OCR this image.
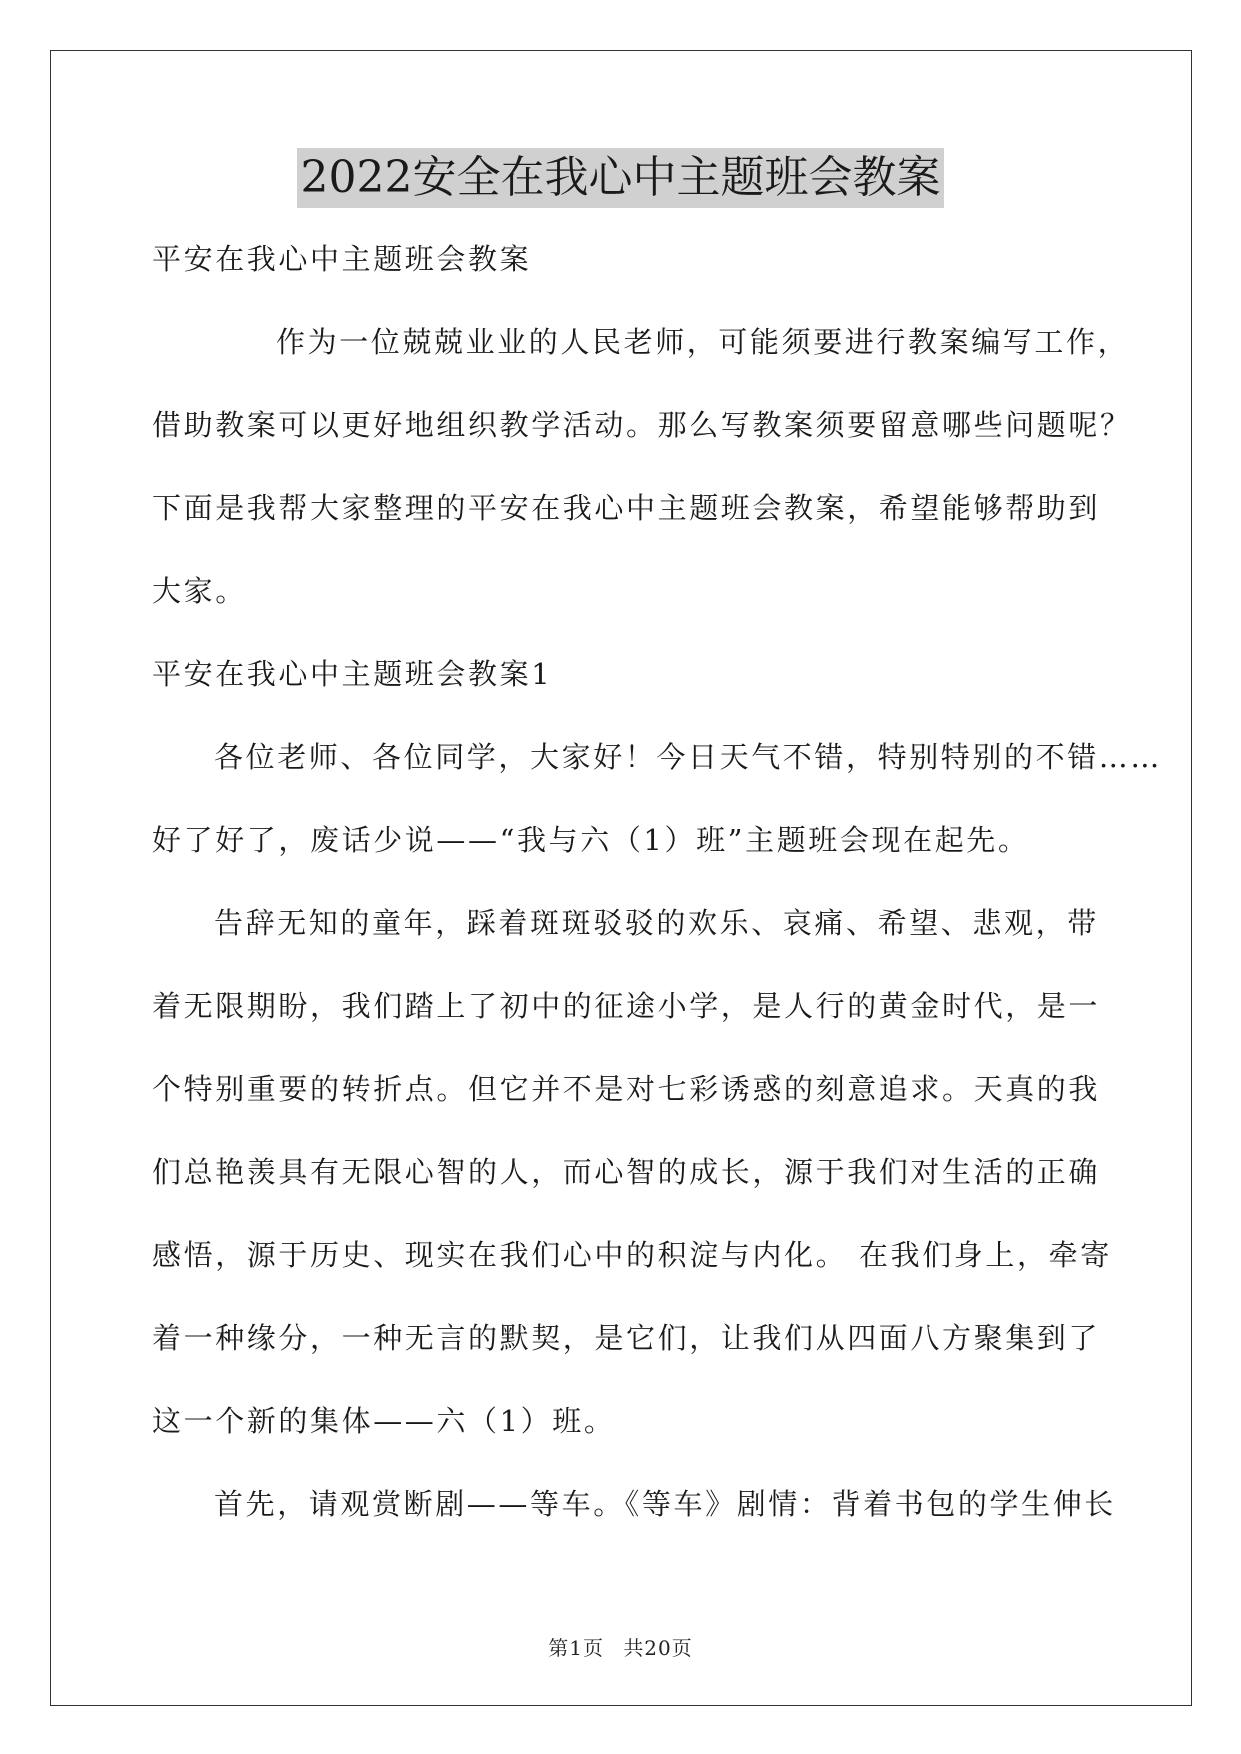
2022安全在我心中主题班会教案
平安在我心中主题班会教案
作为一位兢兢业业的人民老师，可能须要进行教案编写工作，
借助教案可以更好地组织教学活动。那么写教案须要留意哪些问题呢？
下面是我帮大家整理的平安在我心中主题班会教案，希望能够帮助到
大家。
平安在我心中主题班会教案1
各位老师、各位同学，大家好！今日天气不错，特别特别的不错……
好了好了，废话少说——“我与六（1）班”主题班会现在起先。
告辞无知的童年，踩着斑斑驳驳的欢乐、哀痛、希望、悲观，带
着无限期盼，我们踏上了初中的征途小学，是人行的黄金时代，是一
个特别重要的转折点。但它并不是对七彩诱惑的刻意追求。天真的我
们总艳羡具有无限心智的人，而心智的成长，源于我们对生活的正确
感悟，源于历史、现实在我们心中的积淀与内化。 在我们身上，牵寄
着一种缘分，一种无言的默契，是它们，让我们从四面八方聚集到了
这一个新的集体——六（1）班。
首先，请观赏断剧——等车。《等车》剧情：背着书包的学生伸长
第1页 共20页
